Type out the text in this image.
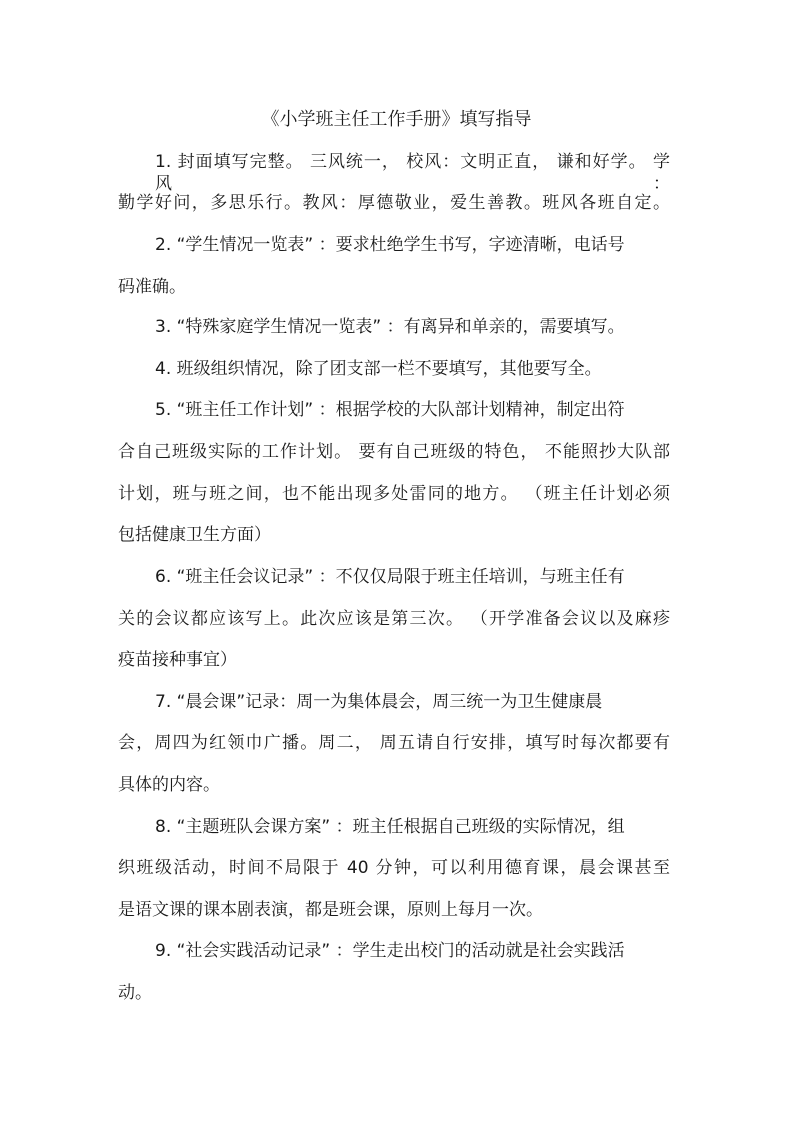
《小学班主任工作手册》填写指导
1. 封面填写完整。 三风统一， 校风：文明正直， 谦和好学。 学风：
勤学好问，多思乐行。教风：厚德敬业，爱生善教。班风各班自定。
2. “学生情况一览表” ：要求杜绝学生书写，字迹清晰，电话号
码准确。
3. “特殊家庭学生情况一览表” ：有离异和单亲的，需要填写。
4. 班级组织情况，除了团支部一栏不要填写，其他要写全。
5. “班主任工作计划” ：根据学校的大队部计划精神，制定出符
合自己班级实际的工作计划。 要有自己班级的特色， 不能照抄大队部
计划，班与班之间，也不能出现多处雷同的地方。 （班主任计划必须
包括健康卫生方面）
6. “班主任会议记录” ：不仅仅局限于班主任培训，与班主任有
关的会议都应该写上。此次应该是第三次。 （开学准备会议以及麻疹
疫苗接种事宜）
7. “晨会课”记录：周一为集体晨会，周三统一为卫生健康晨
会，周四为红领巾广播。周二， 周五请自行安排，填写时每次都要有
具体的内容。
8. “主题班队会课方案” ：班主任根据自己班级的实际情况，组
织班级活动，时间不局限于 40 分钟，可以利用德育课，晨会课甚至
是语文课的课本剧表演，都是班会课，原则上每月一次。
9. “社会实践活动记录” ：学生走出校门的活动就是社会实践活
动。
